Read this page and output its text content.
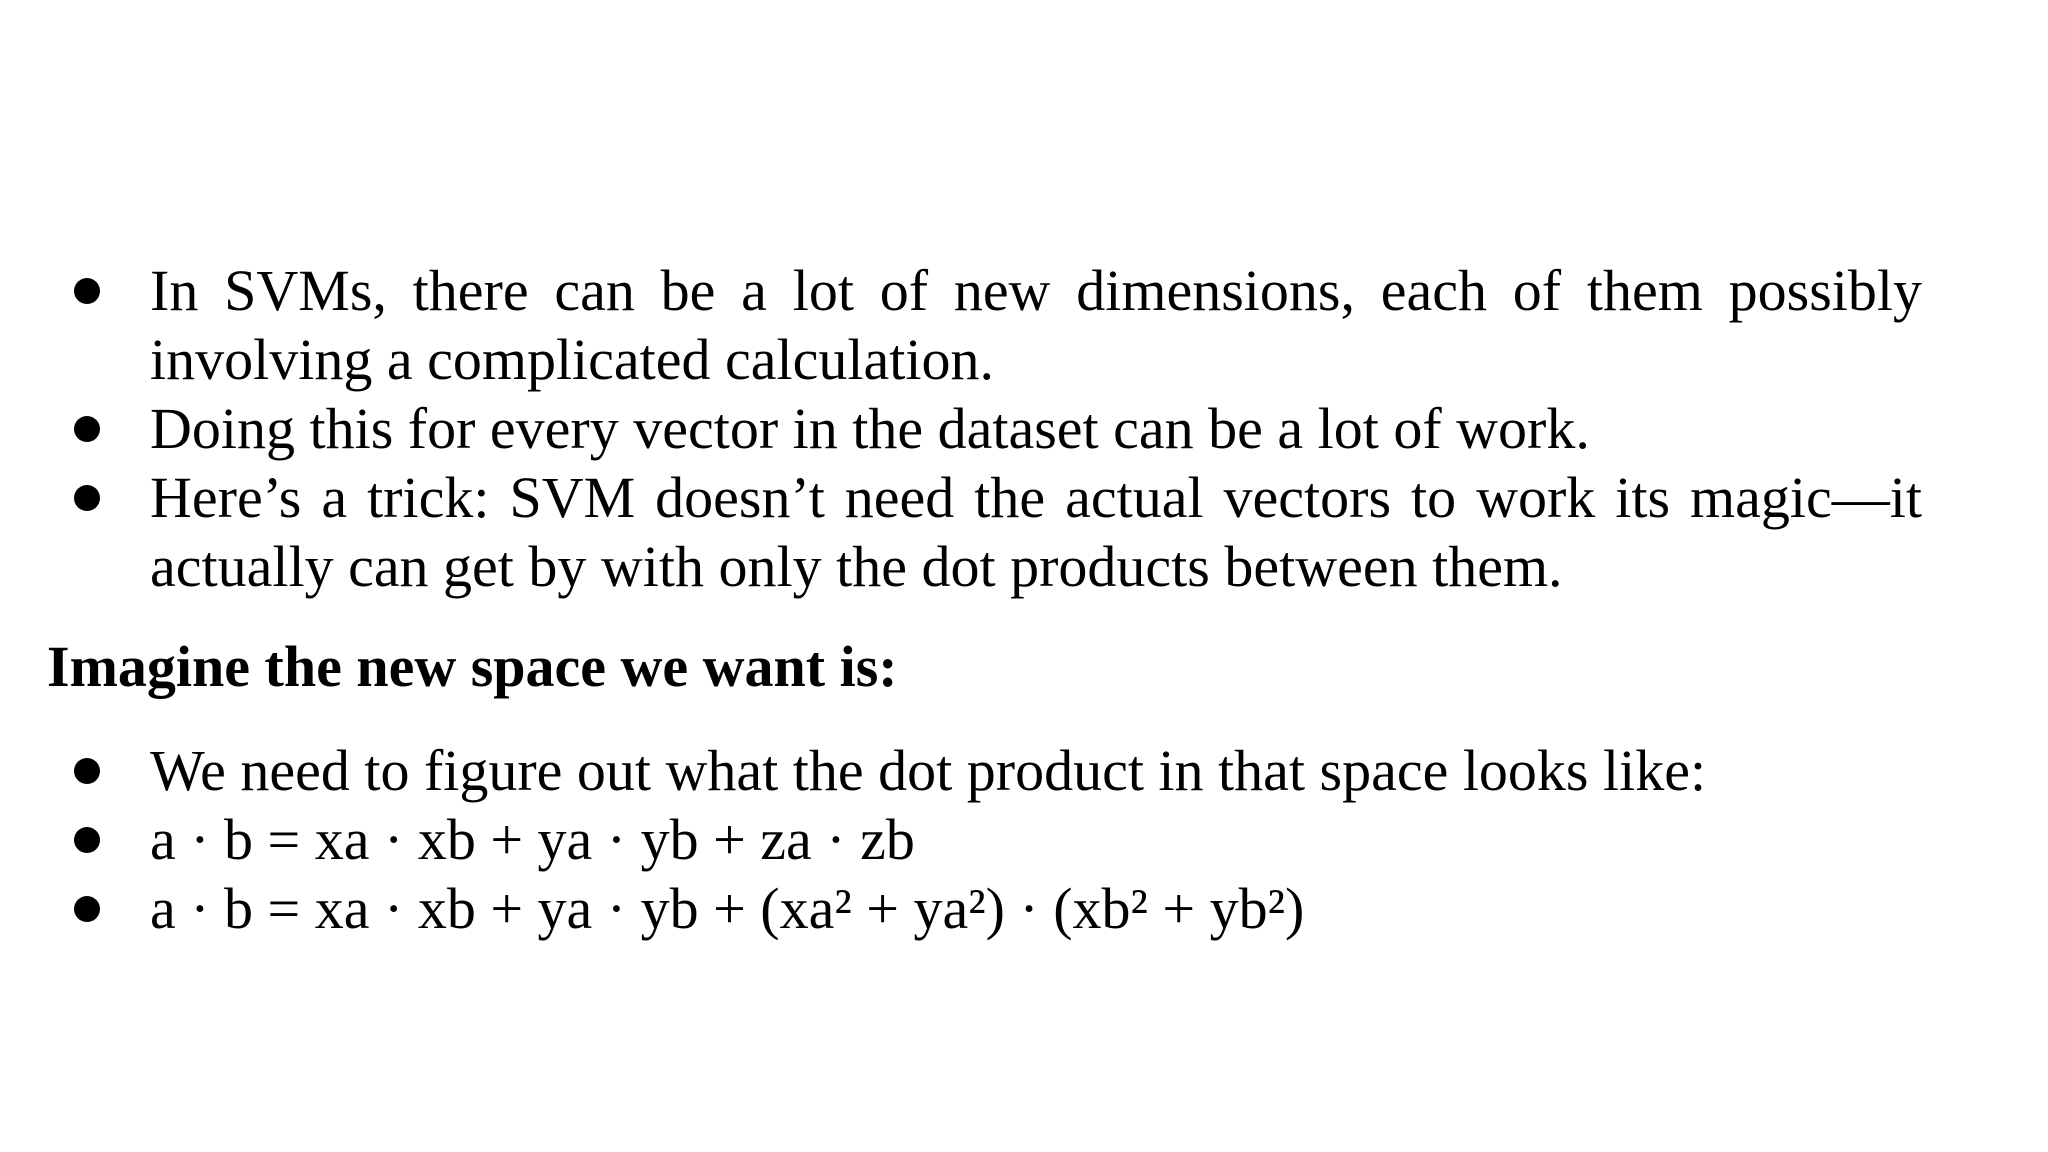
In SVMs, there can be a lot of new dimensions, each of them possibly involving a complicated calculation.
Doing this for every vector in the dataset can be a lot of work.
Here’s a trick: SVM doesn’t need the actual vectors to work its magic—it actually can get by with only the dot products between them.
Imagine the new space we want is:
We need to figure out what the dot product in that space looks like:
a · b = xa · xb + ya · yb + za · zb
a · b = xa · xb + ya · yb + (xa² + ya²) · (xb² + yb²)
